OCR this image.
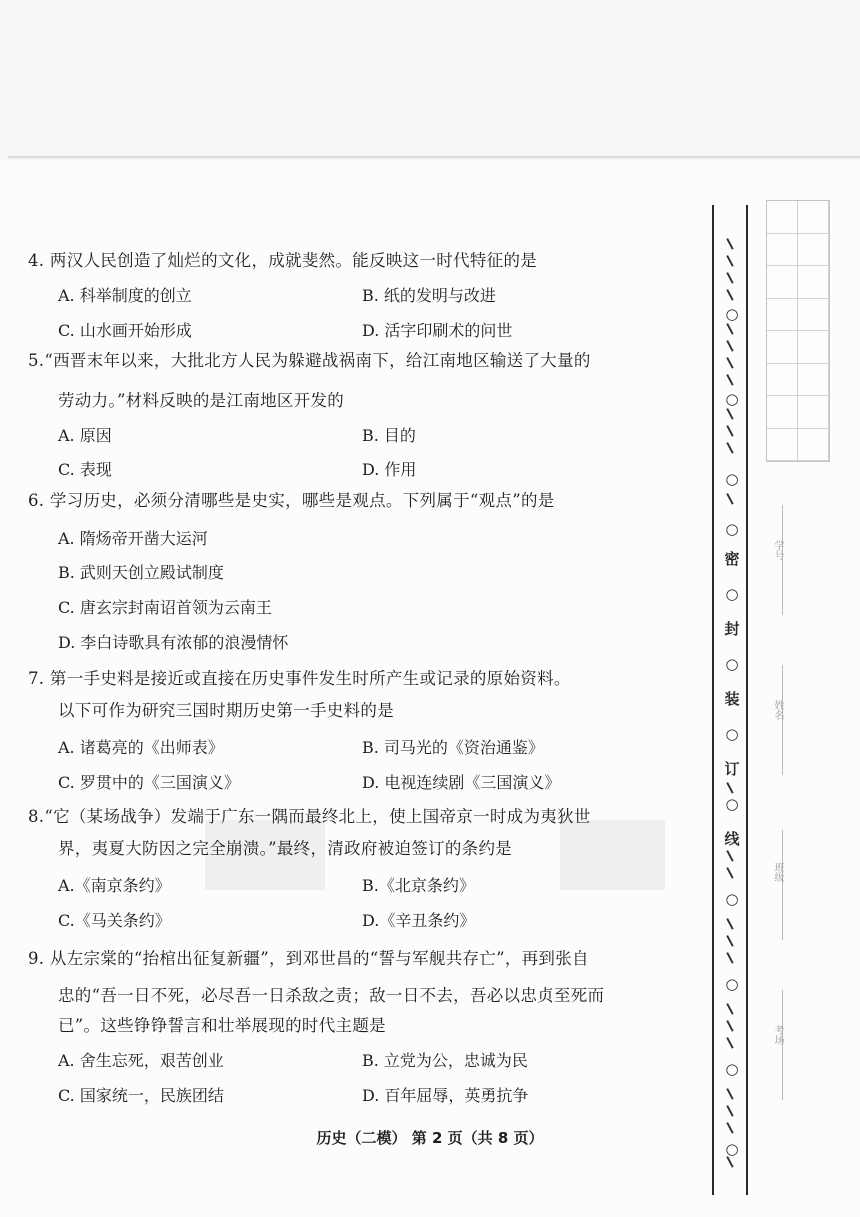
4. 两汉人民创造了灿烂的文化，成就斐然。能反映这一时代特征的是
A. 科举制度的创立	B. 纸的发明与改进
C. 山水画开始形成	D. 活字印刷术的问世
5.“西晋末年以来，大批北方人民为躲避战祸南下，给江南地区输送了大量的
劳动力。”材料反映的是江南地区开发的
A. 原因	B. 目的
C. 表现	D. 作用
6. 学习历史，必须分清哪些是史实，哪些是观点。下列属于“观点”的是
A. 隋炀帝开凿大运河
B. 武则天创立殿试制度
C. 唐玄宗封南诏首领为云南王
D. 李白诗歌具有浓郁的浪漫情怀
7. 第一手史料是接近或直接在历史事件发生时所产生或记录的原始资料。
以下可作为研究三国时期历史第一手史料的是
A. 诸葛亮的《出师表》	B. 司马光的《资治通鉴》
C. 罗贯中的《三国演义》	D. 电视连续剧《三国演义》
8.“它（某场战争）发端于广东一隅而最终北上，使上国帝京一时成为夷狄世
界，夷夏大防因之完全崩溃。”最终，清政府被迫签订的条约是
A.《南京条约》	B.《北京条约》
C.《马关条约》	D.《辛丑条约》
9. 从左宗棠的“抬棺出征复新疆”，到邓世昌的“誓与军舰共存亡”，再到张自
忠的“吾一日不死，必尽吾一日杀敌之责；敌一日不去，吾必以忠贞至死而
已”。这些铮铮誓言和壮举展现的时代主题是
A. 舍生忘死，艰苦创业	B. 立党为公，忠诚为民
C. 国家统一，民族团结	D. 百年屈辱，英勇抗争
历史（二模） 第 2 页（共 8 页）
○
○
○
○
○
○
○
○
○
○
○
○
密
封
装
订
线
学号
姓名
班级
考场
